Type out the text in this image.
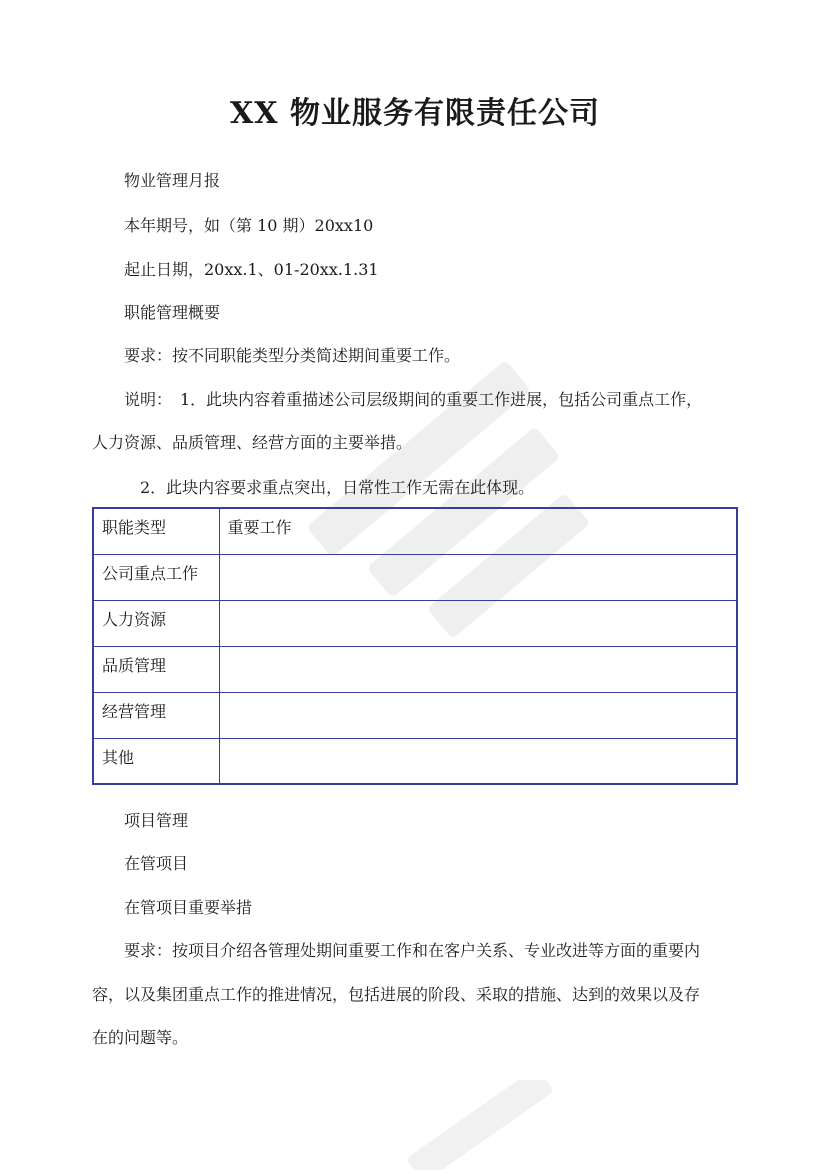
XX 物业服务有限责任公司
物业管理月报
本年期号，如（第 10 期）20xx10
起止日期，20xx.1、01-20xx.1.31
职能管理概要
要求：按不同职能类型分类简述期间重要工作。
说明：　1．此块内容着重描述公司层级期间的重要工作进展，包括公司重点工作，
人力资源、品质管理、经营方面的主要举措。
2．此块内容要求重点突出，日常性工作无需在此体现。
职能类型	重要工作
公司重点工作	
人力资源	
品质管理	
经营管理	
其他	
项目管理
在管项目
在管项目重要举措
要求：按项目介绍各管理处期间重要工作和在客户关系、专业改进等方面的重要内
容，以及集团重点工作的推进情况，包括进展的阶段、采取的措施、达到的效果以及存
在的问题等。
